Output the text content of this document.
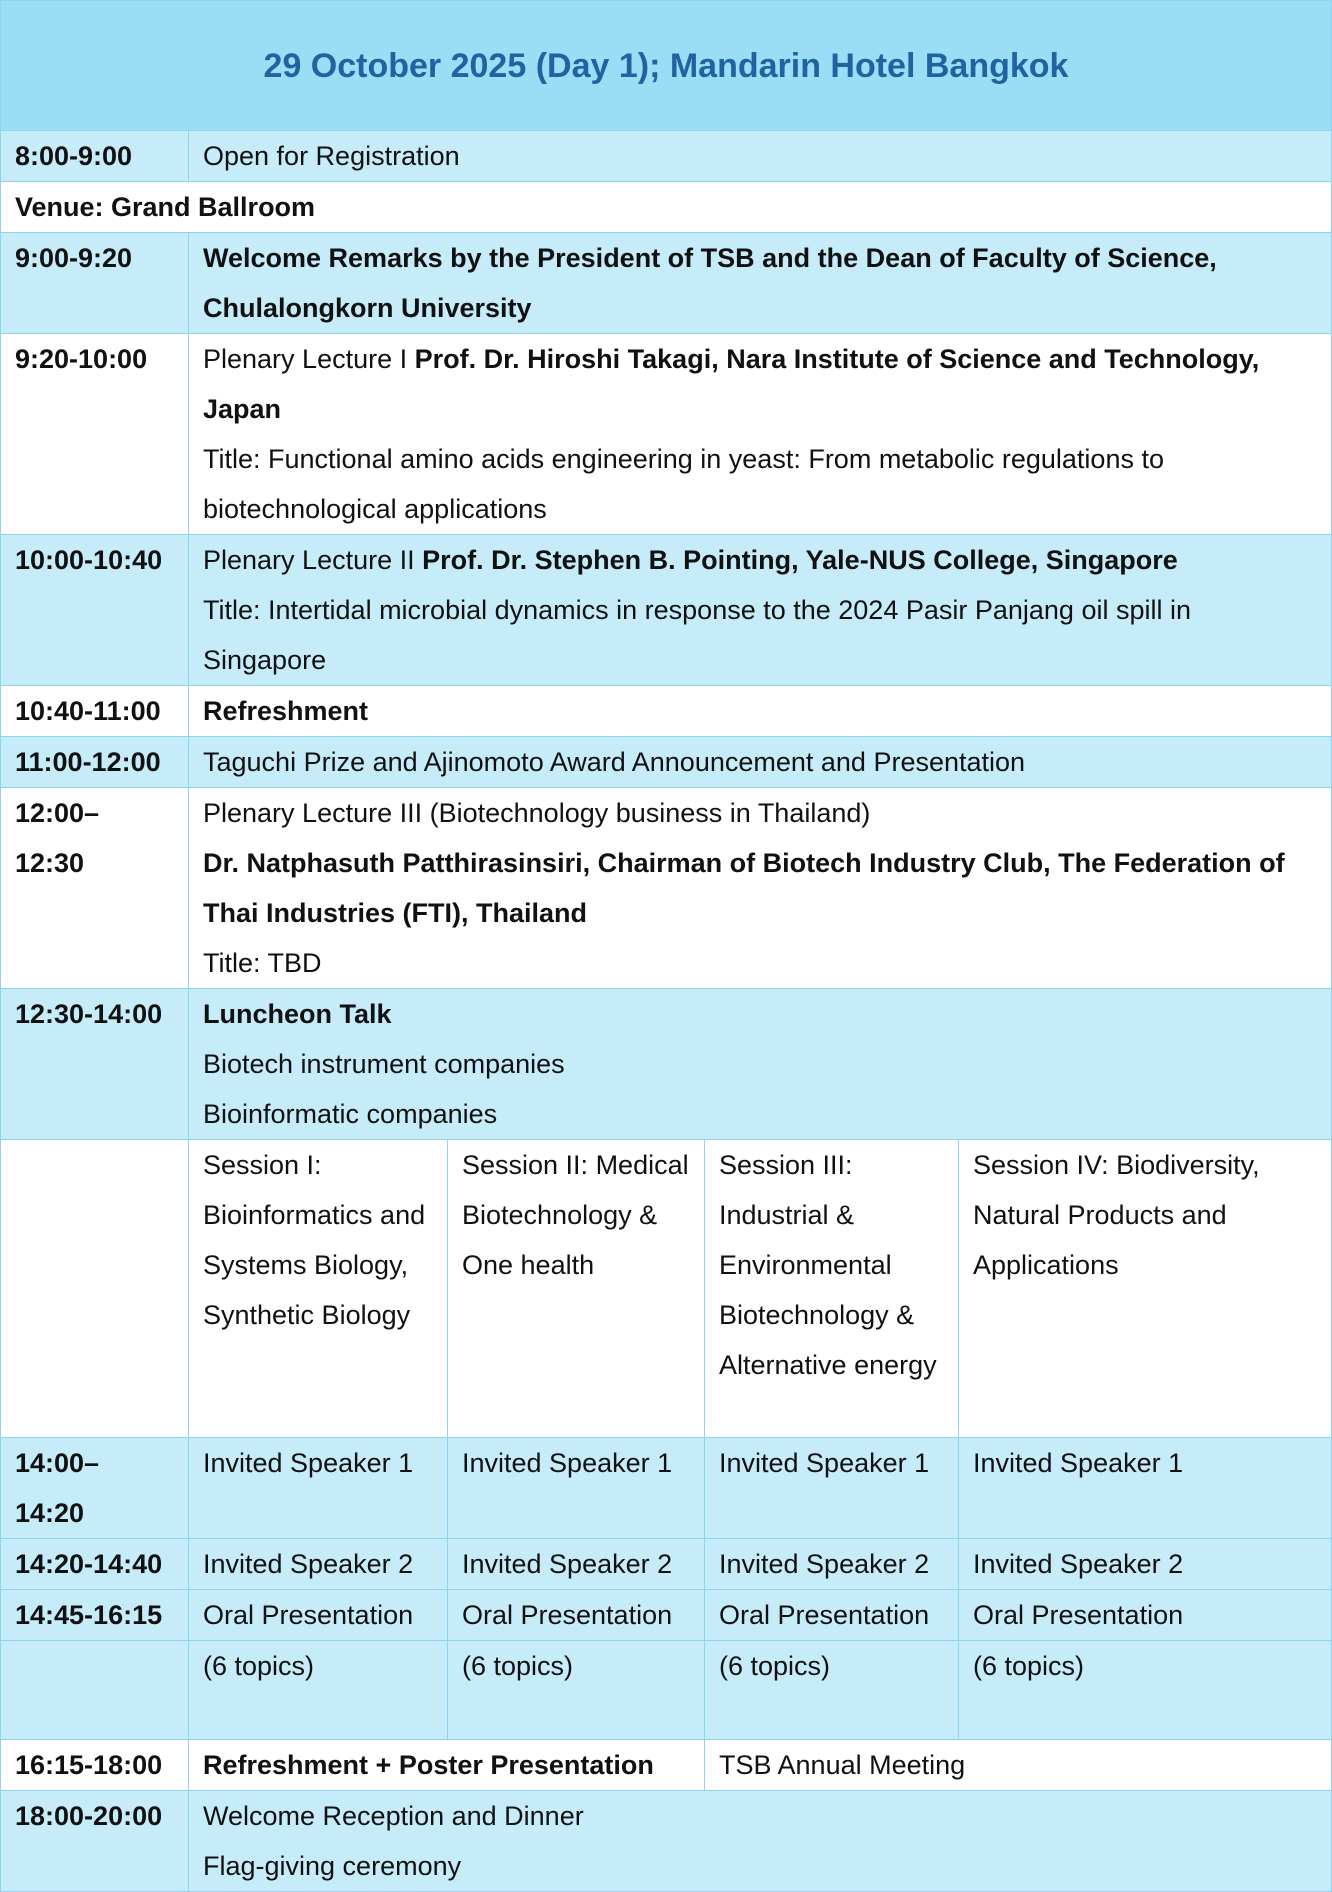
29 October 2025 (Day 1); Mandarin Hotel Bangkok				
8:00-9:00	Open for Registration			
Venue: Grand Ballroom				
9:00-9:20	Welcome Remarks by the President of TSB and the Dean of Faculty of Science, Chulalongkorn University			
9:20-10:00	Plenary Lecture I Prof. Dr. Hiroshi Takagi, Nara Institute of Science and Technology, Japan
Title: Functional amino acids engineering in yeast: From metabolic regulations to biotechnological applications			

10:00-10:40	Plenary Lecture II Prof. Dr. Stephen B. Pointing, Yale-NUS College, Singapore
Title: Intertidal microbial dynamics in response to the 2024 Pasir Panjang oil spill in Singapore			

10:40-11:00	Refreshment			
11:00-12:00	Taguchi Prize and Ajinomoto Award Announcement and Presentation			

12:00–
12:30	Plenary Lecture III (Biotechnology business in Thailand)
Dr. Natphasuth Patthirasinsiri, Chairman of Biotech Industry Club, The Federation of Thai Industries (FTI), Thailand
Title: TBD			

12:30-14:00	Luncheon Talk
Biotech instrument companies
Bioinformatic companies			

	Session I: Bioinformatics and Systems Biology, Synthetic Biology	Session II: Medical Biotechnology & One health	Session III: Industrial & Environmental Biotechnology & Alternative energy	Session IV: Biodiversity, Natural Products and Applications

14:00–
14:20	Invited Speaker 1	Invited Speaker 1	Invited Speaker 1	Invited Speaker 1
14:20-14:40	Invited Speaker 2	Invited Speaker 2	Invited Speaker 2	Invited Speaker 2
14:45-16:15	Oral Presentation	Oral Presentation	Oral Presentation	Oral Presentation
	(6 topics)	(6 topics)	(6 topics)	(6 topics)
16:15-18:00	Refreshment + Poster Presentation		TSB Annual Meeting	
18:00-20:00	Welcome Reception and Dinner
Flag-giving ceremony			
